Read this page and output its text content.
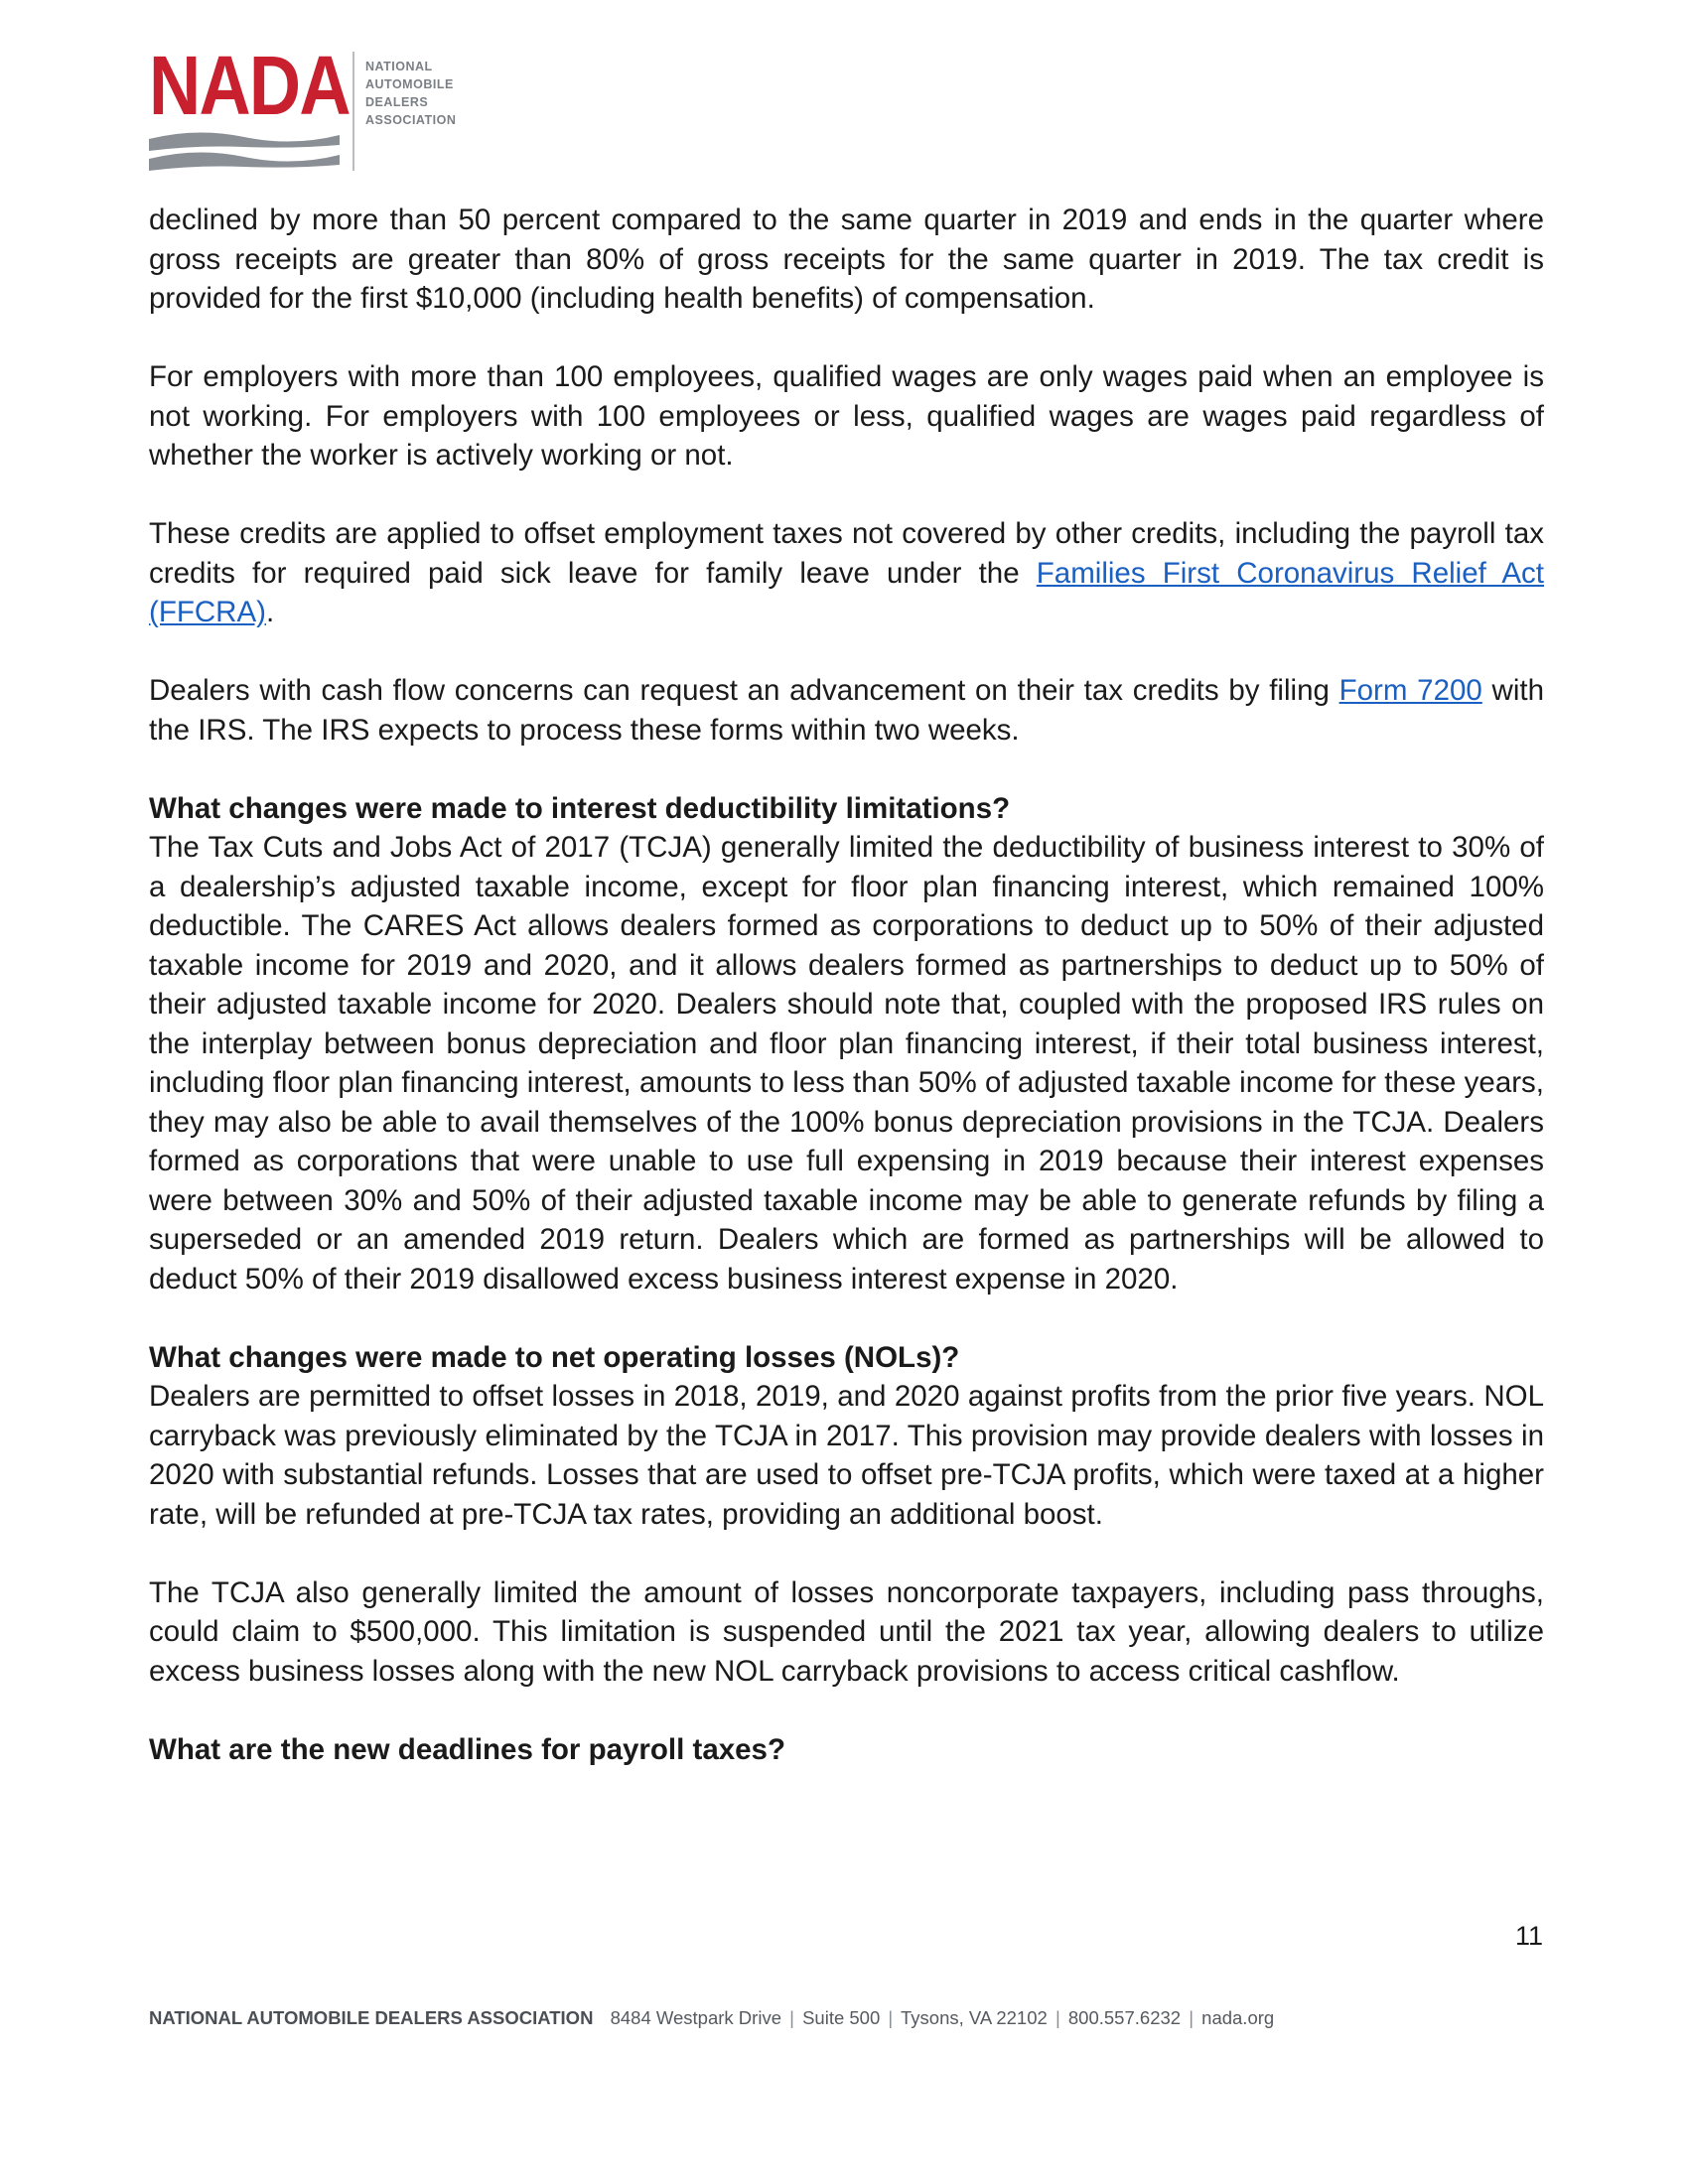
NADA NATIONAL
AUTOMOBILE
DEALERS
ASSOCIATION

declined by more than 50 percent compared to the same quarter in 2019 and ends in the quarter where gross receipts are greater than 80% of gross receipts for the same quarter in 2019. The tax credit is provided for the first $10,000 (including health benefits) of compensation.

For employers with more than 100 employees, qualified wages are only wages paid when an employee is not working. For employers with 100 employees or less, qualified wages are wages paid regardless of whether the worker is actively working or not.

These credits are applied to offset employment taxes not covered by other credits, including the payroll tax credits for required paid sick leave for family leave under the Families First Coronavirus Relief Act (FFCRA).

Dealers with cash flow concerns can request an advancement on their tax credits by filing Form 7200 with the IRS. The IRS expects to process these forms within two weeks.

What changes were made to interest deductibility limitations?

The Tax Cuts and Jobs Act of 2017 (TCJA) generally limited the deductibility of business interest to 30% of a dealership’s adjusted taxable income, except for floor plan financing interest, which remained 100% deductible. The CARES Act allows dealers formed as corporations to deduct up to 50% of their adjusted taxable income for 2019 and 2020, and it allows dealers formed as partnerships to deduct up to 50% of their adjusted taxable income for 2020. Dealers should note that, coupled with the proposed IRS rules on the interplay between bonus depreciation and floor plan financing interest, if their total business interest, including floor plan financing interest, amounts to less than 50% of adjusted taxable income for these years, they may also be able to avail themselves of the 100% bonus depreciation provisions in the TCJA. Dealers formed as corporations that were unable to use full expensing in 2019 because their interest expenses were between 30% and 50% of their adjusted taxable income may be able to generate refunds by filing a superseded or an amended 2019 return. Dealers which are formed as partnerships will be allowed to deduct 50% of their 2019 disallowed excess business interest expense in 2020.

What changes were made to net operating losses (NOLs)?

Dealers are permitted to offset losses in 2018, 2019, and 2020 against profits from the prior five years. NOL carryback was previously eliminated by the TCJA in 2017. This provision may provide dealers with losses in 2020 with substantial refunds. Losses that are used to offset pre-TCJA profits, which were taxed at a higher rate, will be refunded at pre-TCJA tax rates, providing an additional boost.

The TCJA also generally limited the amount of losses noncorporate taxpayers, including pass throughs, could claim to $500,000. This limitation is suspended until the 2021 tax year, allowing dealers to utilize excess business losses along with the new NOL carryback provisions to access critical cashflow.

What are the new deadlines for payroll taxes?

11
NATIONAL AUTOMOBILE DEALERS ASSOCIATION 8484 Westpark Drive | Suite 500 | Tysons, VA 22102 | 800.557.6232 | nada.org
